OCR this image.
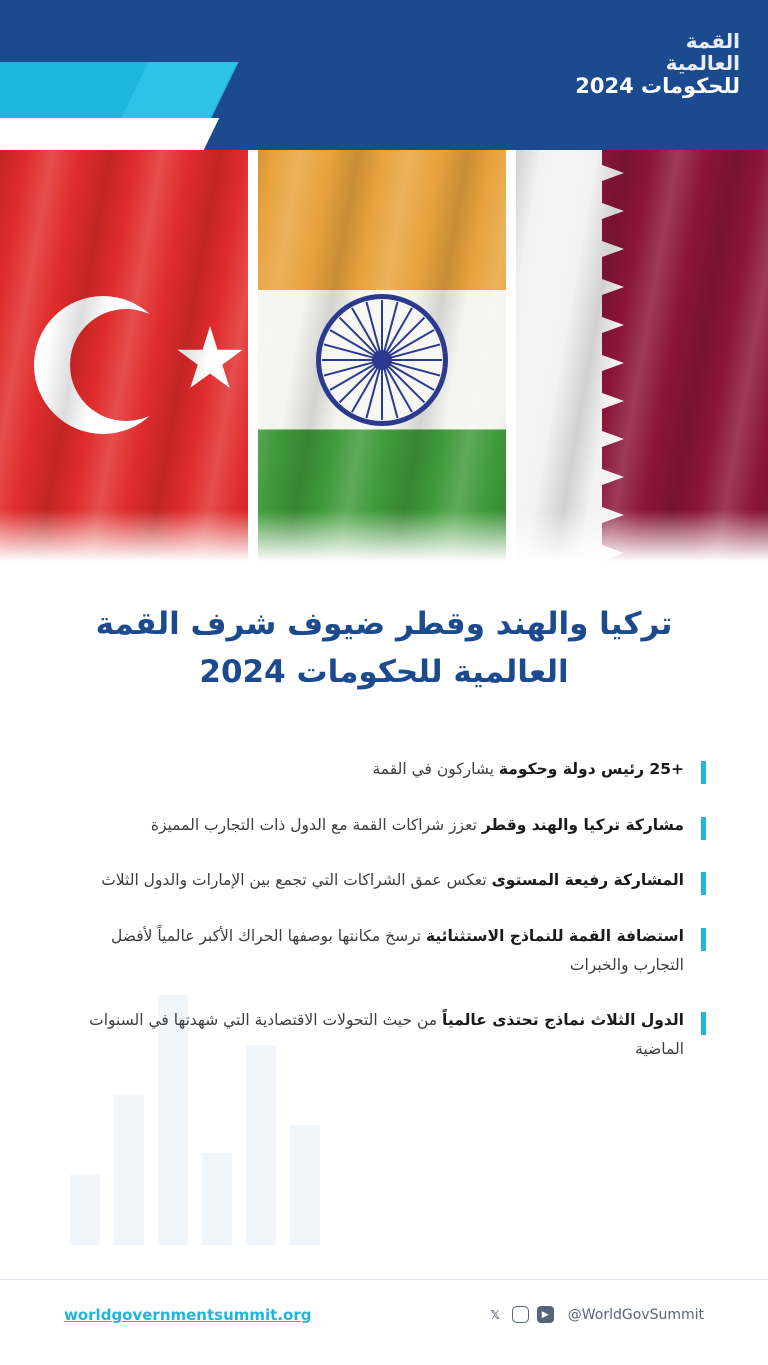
القمة
العالمية
للحكومات 2024
تركيا والهند وقطر ضيوف شرف القمة العالمية للحكومات 2024
+25 رئيس دولة وحكومة يشاركون في القمة
مشاركة تركيا والهند وقطر تعزز شراكات القمة مع الدول ذات التجارب المميزة
المشاركة رفيعة المستوى تعكس عمق الشراكات التي تجمع بين الإمارات والدول الثلاث
استضافة القمة للنماذج الاستثنائية ترسخ مكانتها بوصفها الحراك الأكبر عالمياً لأفضل التجارب والخبرات
الدول الثلاث نماذج تحتذى عالمياً من حيث التحولات الاقتصادية التي شهدتها في السنوات الماضية
worldgovernmentsummit.org	𝕏	▶	@WorldGovSummit
